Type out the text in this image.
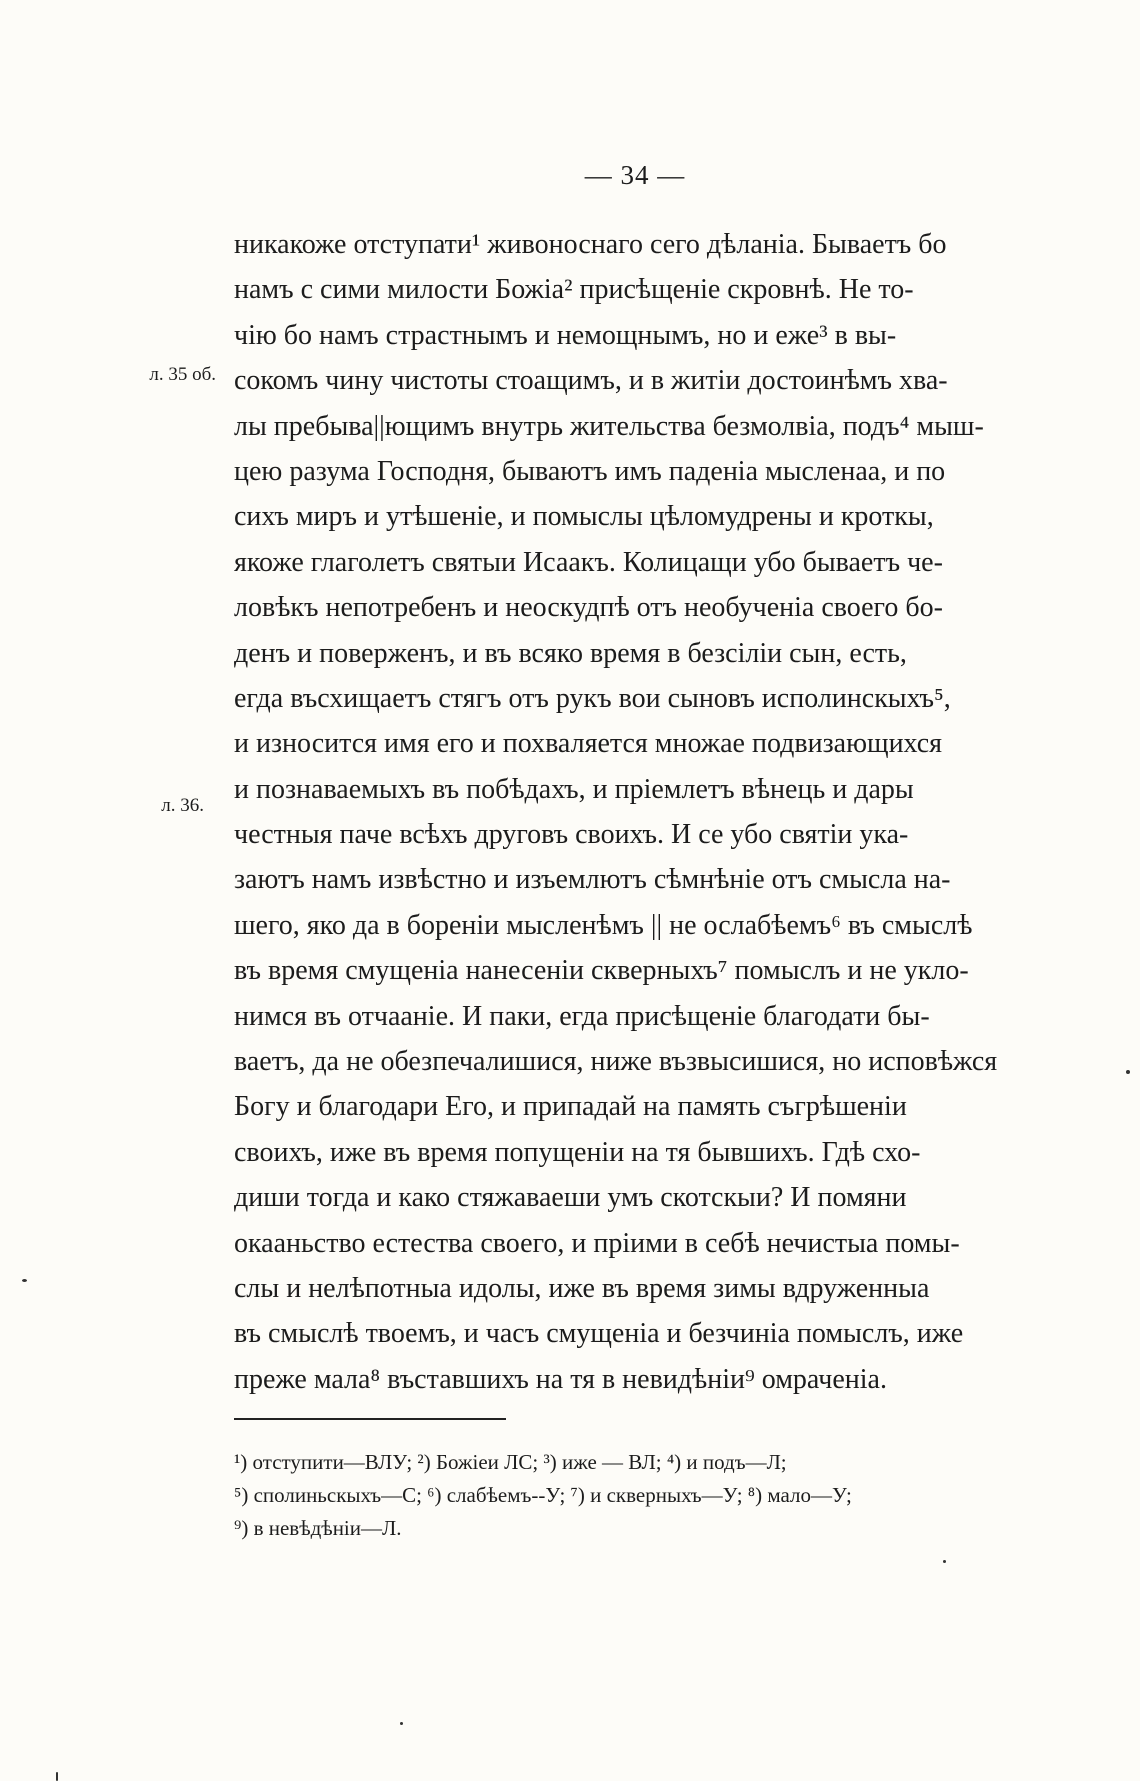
— 34 —
л. 35 об.
л. 36.
никакоже отступати¹ живоноснаго сего дѣланіа. Бываетъ бо
намъ с сими милости Божіа² присѣщеніе скровнѣ. Не то-
чію бо намъ страстнымъ и немощнымъ, но и еже³ в вы-
сокомъ чину чистоты стоащимъ, и в житіи достоинѣмъ хва-
лы пребыва||ющимъ внутрь жительства безмолвіа, подъ⁴ мыш-
цею разума Господня, бываютъ имъ паденіа мысленаа, и по
сихъ миръ и утѣшеніе, и помыслы цѣломудрены и кроткы,
якоже глаголетъ святыи Исаакъ. Колицащи убо бываетъ че-
ловѣкъ непотребенъ и неоскудпѣ отъ необученіа своего бо-
денъ и поверженъ, и въ всяко время в безсіліи сын, есть,
егда въсхищаетъ стягъ отъ рукъ вои сыновъ исполинскыхъ⁵,
и износится имя его и похваляется множае подвизающихся
и познаваемыхъ въ побѣдахъ, и пріемлетъ вѣнець и дары
честныя паче всѣхъ друговъ своихъ. И се убо святіи ука-
заютъ намъ извѣстно и изъемлютъ сѣмнѣніе отъ смысла на-
шего, яко да в бореніи мысленѣмъ || не ослабѣемъ⁶ въ смыслѣ
въ время смущеніа нанесеніи скверныхъ⁷ помыслъ и не укло-
нимся въ отчааніе. И паки, егда присѣщеніе благодати бы-
ваетъ, да не обезпечалишися, ниже възвысишися, но исповѣжся
Богу и благодари Его, и припадай на память съгрѣшеніи
своихъ, иже въ время попущеніи на тя бывшихъ. Гдѣ схо-
диши тогда и како стяжаваеши умъ скотскыи? И помяни
окааньство естества своего, и пріими в себѣ нечистыа помы-
слы и нелѣпотныа идолы, иже въ время зимы вдруженныа
въ смыслѣ твоемъ, и часъ смущеніа и безчиніа помыслъ, иже
преже мала⁸ въставшихъ на тя в невидѣніи⁹ омраченіа.
¹) отступити—ВЛУ; ²) Божіеи ЛС; ³) иже — ВЛ; ⁴) и подъ—Л;
⁵) сполиньскыхъ—С; ⁶) слабѣемъ--У; ⁷) и скверныхъ—У; ⁸) мало—У;
⁹) в невѣдѣніи—Л.
